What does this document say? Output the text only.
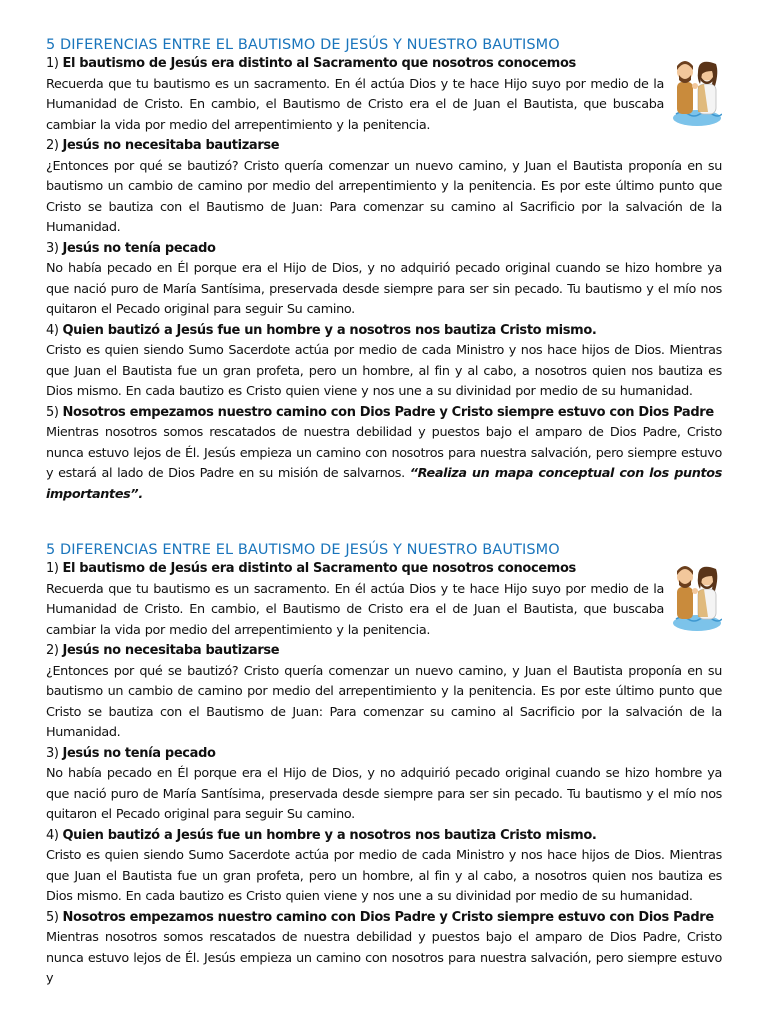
5 DIFERENCIAS ENTRE EL BAUTISMO DE JESÚS Y NUESTRO BAUTISMO
1) El bautismo de Jesús era distinto al Sacramento que nosotros conocemos

Recuerda que tu bautismo es un sacramento. En él actúa Dios y te hace Hijo suyo por medio de la Humanidad de Cristo. En cambio, el Bautismo de Cristo era el de Juan el Bautista, que buscaba cambiar la vida por medio del arrepentimiento y la penitencia.

2) Jesús no necesitaba bautizarse

¿Entonces por qué se bautizó? Cristo quería comenzar un nuevo camino, y Juan el Bautista proponía en su bautismo un cambio de camino por medio del arrepentimiento y la penitencia. Es por este último punto que Cristo se bautiza con el Bautismo de Juan: Para comenzar su camino al Sacrificio por la salvación de la Humanidad.

3) Jesús no tenía pecado

No había pecado en Él porque era el Hijo de Dios, y no adquirió pecado original cuando se hizo hombre ya que nació puro de María Santísima, preservada desde siempre para ser sin pecado. Tu bautismo y el mío nos quitaron el Pecado original para seguir Su camino.

4) Quien bautizó a Jesús fue un hombre y a nosotros nos bautiza Cristo mismo.

Cristo es quien siendo Sumo Sacerdote actúa por medio de cada Ministro y nos hace hijos de Dios. Mientras que Juan el Bautista fue un gran profeta, pero un hombre, al fin y al cabo, a nosotros quien nos bautiza es Dios mismo. En cada bautizo es Cristo quien viene y nos une a su divinidad por medio de su humanidad.

5) Nosotros empezamos nuestro camino con Dios Padre y Cristo siempre estuvo con Dios Padre

Mientras nosotros somos rescatados de nuestra debilidad y puestos bajo el amparo de Dios Padre, Cristo nunca estuvo lejos de Él. Jesús empieza un camino con nosotros para nuestra salvación, pero siempre estuvo y estará al lado de Dios Padre en su misión de salvarnos. “Realiza un mapa conceptual con los puntos importantes”.

5 DIFERENCIAS ENTRE EL BAUTISMO DE JESÚS Y NUESTRO BAUTISMO
1) El bautismo de Jesús era distinto al Sacramento que nosotros conocemos

Recuerda que tu bautismo es un sacramento. En él actúa Dios y te hace Hijo suyo por medio de la Humanidad de Cristo. En cambio, el Bautismo de Cristo era el de Juan el Bautista, que buscaba cambiar la vida por medio del arrepentimiento y la penitencia.

2) Jesús no necesitaba bautizarse

¿Entonces por qué se bautizó? Cristo quería comenzar un nuevo camino, y Juan el Bautista proponía en su bautismo un cambio de camino por medio del arrepentimiento y la penitencia. Es por este último punto que Cristo se bautiza con el Bautismo de Juan: Para comenzar su camino al Sacrificio por la salvación de la Humanidad.

3) Jesús no tenía pecado

No había pecado en Él porque era el Hijo de Dios, y no adquirió pecado original cuando se hizo hombre ya que nació puro de María Santísima, preservada desde siempre para ser sin pecado. Tu bautismo y el mío nos quitaron el Pecado original para seguir Su camino.

4) Quien bautizó a Jesús fue un hombre y a nosotros nos bautiza Cristo mismo.

Cristo es quien siendo Sumo Sacerdote actúa por medio de cada Ministro y nos hace hijos de Dios. Mientras que Juan el Bautista fue un gran profeta, pero un hombre, al fin y al cabo, a nosotros quien nos bautiza es Dios mismo. En cada bautizo es Cristo quien viene y nos une a su divinidad por medio de su humanidad.

5) Nosotros empezamos nuestro camino con Dios Padre y Cristo siempre estuvo con Dios Padre

Mientras nosotros somos rescatados de nuestra debilidad y puestos bajo el amparo de Dios Padre, Cristo nunca estuvo lejos de Él. Jesús empieza un camino con nosotros para nuestra salvación, pero siempre estuvo y
